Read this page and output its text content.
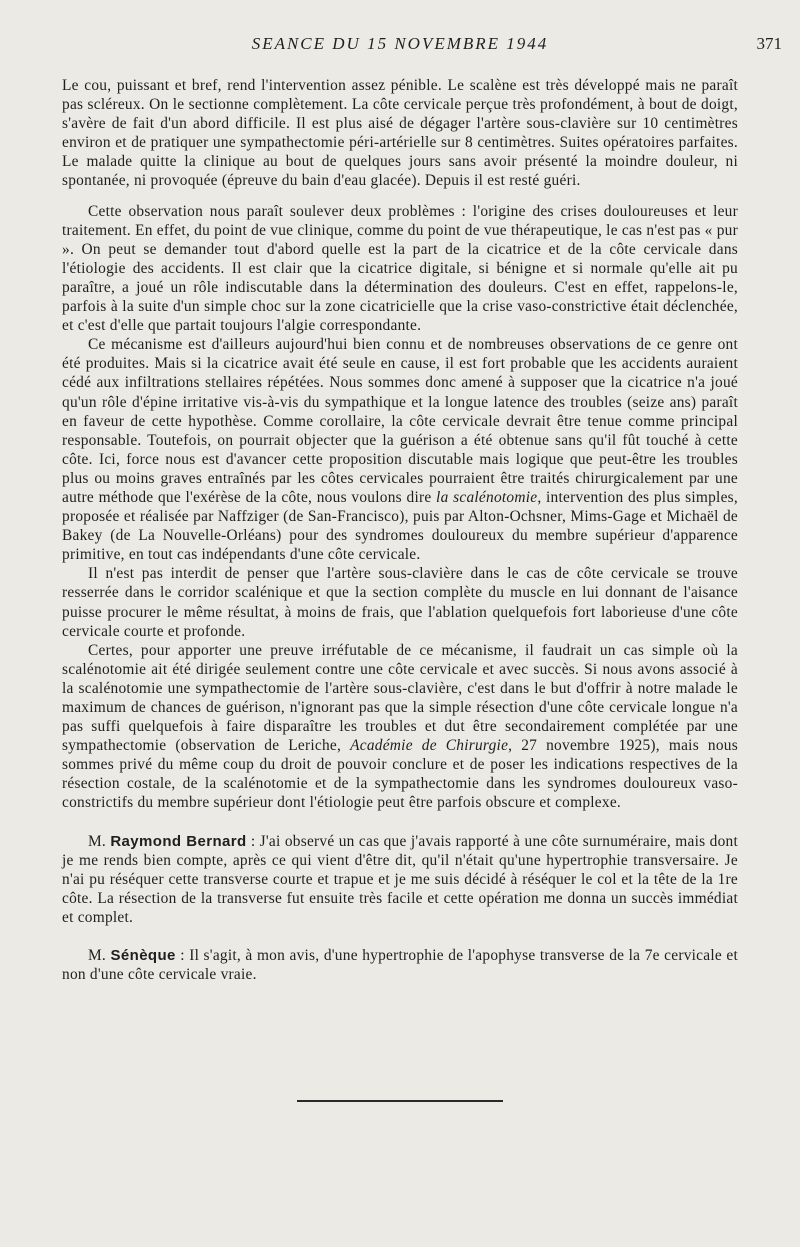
SEANCE DU 15 NOVEMBRE 1944	371

Le cou, puissant et bref, rend l'intervention assez pénible. Le scalène est très développé mais ne paraît pas scléreux. On le sectionne complètement. La côte cervicale perçue très profondément, à bout de doigt, s'avère de fait d'un abord difficile. Il est plus aisé de dégager l'artère sous-clavière sur 10 centimètres environ et de pratiquer une sympathectomie péri-artérielle sur 8 centimètres. Suites opératoires parfaites. Le malade quitte la clinique au bout de quelques jours sans avoir présenté la moindre douleur, ni spontanée, ni provoquée (épreuve du bain d'eau glacée). Depuis il est resté guéri.

Cette observation nous paraît soulever deux problèmes : l'origine des crises douloureuses et leur traitement. En effet, du point de vue clinique, comme du point de vue thérapeutique, le cas n'est pas « pur ». On peut se demander tout d'abord quelle est la part de la cicatrice et de la côte cervicale dans l'étiologie des accidents. Il est clair que la cicatrice digitale, si bénigne et si normale qu'elle ait pu paraître, a joué un rôle indiscutable dans la détermination des douleurs. C'est en effet, rappelons-le, parfois à la suite d'un simple choc sur la zone cicatricielle que la crise vaso-constrictive était déclenchée, et c'est d'elle que partait toujours l'algie correspondante.

Ce mécanisme est d'ailleurs aujourd'hui bien connu et de nombreuses observations de ce genre ont été produites. Mais si la cicatrice avait été seule en cause, il est fort probable que les accidents auraient cédé aux infiltrations stellaires répétées. Nous sommes donc amené à supposer que la cicatrice n'a joué qu'un rôle d'épine irritative vis-à-vis du sympathique et la longue latence des troubles (seize ans) paraît en faveur de cette hypothèse. Comme corollaire, la côte cervicale devrait être tenue comme principal responsable. Toutefois, on pourrait objecter que la guérison a été obtenue sans qu'il fût touché à cette côte. Ici, force nous est d'avancer cette proposition discutable mais logique que peut-être les troubles plus ou moins graves entraînés par les côtes cervicales pourraient être traités chirurgicalement par une autre méthode que l'exérèse de la côte, nous voulons dire la scalénotomie, intervention des plus simples, proposée et réalisée par Naffziger (de San-Francisco), puis par Alton-Ochsner, Mims-Gage et Michaël de Bakey (de La Nouvelle-Orléans) pour des syndromes douloureux du membre supérieur d'apparence primitive, en tout cas indépendants d'une côte cervicale.

Il n'est pas interdit de penser que l'artère sous-clavière dans le cas de côte cervicale se trouve resserrée dans le corridor scalénique et que la section complète du muscle en lui donnant de l'aisance puisse procurer le même résultat, à moins de frais, que l'ablation quelquefois fort laborieuse d'une côte cervicale courte et profonde.

Certes, pour apporter une preuve irréfutable de ce mécanisme, il faudrait un cas simple où la scalénotomie ait été dirigée seulement contre une côte cervicale et avec succès. Si nous avons associé à la scalénotomie une sympathectomie de l'artère sous-clavière, c'est dans le but d'offrir à notre malade le maximum de chances de guérison, n'ignorant pas que la simple résection d'une côte cervicale longue n'a pas suffi quelquefois à faire disparaître les troubles et dut être secondairement complétée par une sympathectomie (observation de Leriche, Académie de Chirurgie, 27 novembre 1925), mais nous sommes privé du même coup du droit de pouvoir conclure et de poser les indications respectives de la résection costale, de la scalénotomie et de la sympathectomie dans les syndromes douloureux vaso-constrictifs du membre supérieur dont l'étiologie peut être parfois obscure et complexe.

M. Raymond Bernard : J'ai observé un cas que j'avais rapporté à une côte surnuméraire, mais dont je me rends bien compte, après ce qui vient d'être dit, qu'il n'était qu'une hypertrophie transversaire. Je n'ai pu réséquer cette transverse courte et trapue et je me suis décidé à réséquer le col et la tête de la 1re côte. La résection de la transverse fut ensuite très facile et cette opération me donna un succès immédiat et complet.

M. Sénèque : Il s'agit, à mon avis, d'une hypertrophie de l'apophyse transverse de la 7e cervicale et non d'une côte cervicale vraie.
